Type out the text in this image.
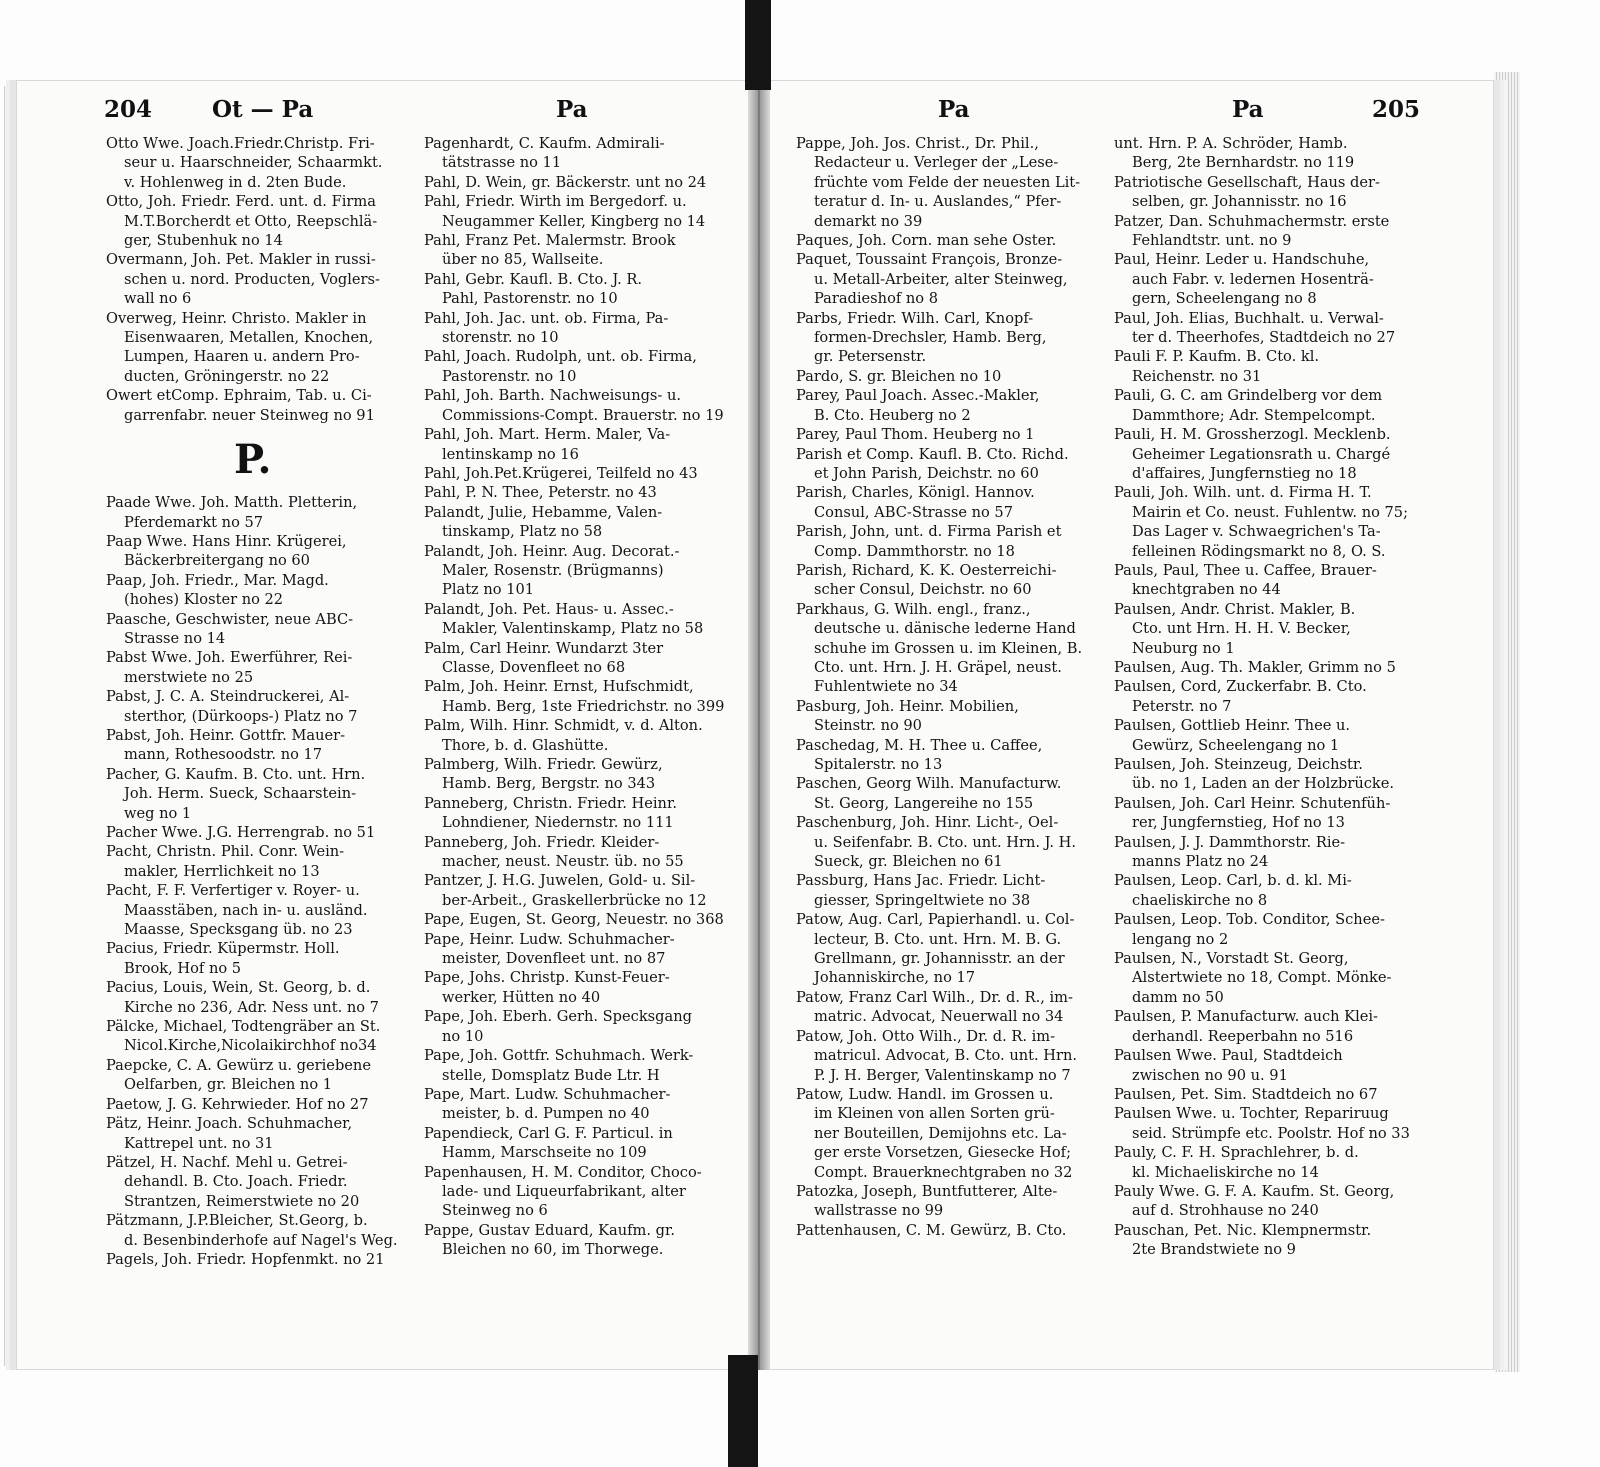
204	Ot — Pa	Pa	Pa	Pa	205
Otto Wwe. Joach.Friedr.Christp. Fri-
seur u. Haarschneider, Schaarmkt.
v. Hohlenweg in d. 2ten Bude.
Otto, Joh. Friedr. Ferd. unt. d. Firma
M.T.Borcherdt et Otto, Reepschlä-
ger, Stubenhuk no 14
Overmann, Joh. Pet. Makler in russi-
schen u. nord. Producten, Voglers-
wall no 6
Overweg, Heinr. Christo. Makler in
Eisenwaaren, Metallen, Knochen,
Lumpen, Haaren u. andern Pro-
ducten, Gröningerstr. no 22
Owert etComp. Ephraim, Tab. u. Ci-
garrenfabr. neuer Steinweg no 91
P.
Paade Wwe. Joh. Matth. Pletterin,
Pferdemarkt no 57
Paap Wwe. Hans Hinr. Krügerei,
Bäckerbreitergang no 60
Paap, Joh. Friedr., Mar. Magd.
(hohes) Kloster no 22
Paasche, Geschwister, neue ABC-
Strasse no 14
Pabst Wwe. Joh. Ewerführer, Rei-
merstwiete no 25
Pabst, J. C. A. Steindruckerei, Al-
sterthor, (Dürkoops-) Platz no 7
Pabst, Joh. Heinr. Gottfr. Mauer-
mann, Rothesoodstr. no 17
Pacher, G. Kaufm. B. Cto. unt. Hrn.
Joh. Herm. Sueck, Schaarstein-
weg no 1
Pacher Wwe. J.G. Herrengrab. no 51
Pacht, Christn. Phil. Conr. Wein-
makler, Herrlichkeit no 13
Pacht, F. F. Verfertiger v. Royer- u.
Maasstäben, nach in- u. ausländ.
Maasse, Specksgang üb. no 23
Pacius, Friedr. Küpermstr. Holl.
Brook, Hof no 5
Pacius, Louis, Wein, St. Georg, b. d.
Kirche no 236, Adr. Ness unt. no 7
Pälcke, Michael, Todtengräber an St.
Nicol.Kirche,Nicolaikirchhof no34
Paepcke, C. A. Gewürz u. geriebene
Oelfarben, gr. Bleichen no 1
Paetow, J. G. Kehrwieder. Hof no 27
Pätz, Heinr. Joach. Schuhmacher,
Kattrepel unt. no 31
Pätzel, H. Nachf. Mehl u. Getrei-
dehandl. B. Cto. Joach. Friedr.
Strantzen, Reimerstwiete no 20
Pätzmann, J.P.Bleicher, St.Georg, b.
d. Besenbinderhofe auf Nagel's Weg.
Pagels, Joh. Friedr. Hopfenmkt. no 21
Pagenhardt, C. Kaufm. Admirali-
tätstrasse no 11
Pahl, D. Wein, gr. Bäckerstr. unt no 24
Pahl, Friedr. Wirth im Bergedorf. u.
Neugammer Keller, Kingberg no 14
Pahl, Franz Pet. Malermstr. Brook
über no 85, Wallseite.
Pahl, Gebr. Kaufl. B. Cto. J. R.
Pahl, Pastorenstr. no 10
Pahl, Joh. Jac. unt. ob. Firma, Pa-
storenstr. no 10
Pahl, Joach. Rudolph, unt. ob. Firma,
Pastorenstr. no 10
Pahl, Joh. Barth. Nachweisungs- u.
Commissions-Compt. Brauerstr. no 19
Pahl, Joh. Mart. Herm. Maler, Va-
lentinskamp no 16
Pahl, Joh.Pet.Krügerei, Teilfeld no 43
Pahl, P. N. Thee, Peterstr. no 43
Palandt, Julie, Hebamme, Valen-
tinskamp, Platz no 58
Palandt, Joh. Heinr. Aug. Decorat.-
Maler, Rosenstr. (Brügmanns)
Platz no 101
Palandt, Joh. Pet. Haus- u. Assec.-
Makler, Valentinskamp, Platz no 58
Palm, Carl Heinr. Wundarzt 3ter
Classe, Dovenfleet no 68
Palm, Joh. Heinr. Ernst, Hufschmidt,
Hamb. Berg, 1ste Friedrichstr. no 399
Palm, Wilh. Hinr. Schmidt, v. d. Alton.
Thore, b. d. Glashütte.
Palmberg, Wilh. Friedr. Gewürz,
Hamb. Berg, Bergstr. no 343
Panneberg, Christn. Friedr. Heinr.
Lohndiener, Niedernstr. no 111
Panneberg, Joh. Friedr. Kleider-
macher, neust. Neustr. üb. no 55
Pantzer, J. H.G. Juwelen, Gold- u. Sil-
ber-Arbeit., Graskellerbrücke no 12
Pape, Eugen, St. Georg, Neuestr. no 368
Pape, Heinr. Ludw. Schuhmacher-
meister, Dovenfleet unt. no 87
Pape, Johs. Christp. Kunst-Feuer-
werker, Hütten no 40
Pape, Joh. Eberh. Gerh. Specksgang
no 10
Pape, Joh. Gottfr. Schuhmach. Werk-
stelle, Domsplatz Bude Ltr. H
Pape, Mart. Ludw. Schuhmacher-
meister, b. d. Pumpen no 40
Papendieck, Carl G. F. Particul. in
Hamm, Marschseite no 109
Papenhausen, H. M. Conditor, Choco-
lade- und Liqueurfabrikant, alter
Steinweg no 6
Pappe, Gustav Eduard, Kaufm. gr.
Bleichen no 60, im Thorwege.
Pappe, Joh. Jos. Christ., Dr. Phil.,
Redacteur u. Verleger der „Lese-
früchte vom Felde der neuesten Lit-
teratur d. In- u. Auslandes,“ Pfer-
demarkt no 39
Paques, Joh. Corn. man sehe Oster.
Paquet, Toussaint François, Bronze-
u. Metall-Arbeiter, alter Steinweg,
Paradieshof no 8
Parbs, Friedr. Wilh. Carl, Knopf-
formen-Drechsler, Hamb. Berg,
gr. Petersenstr.
Pardo, S. gr. Bleichen no 10
Parey, Paul Joach. Assec.-Makler,
B. Cto. Heuberg no 2
Parey, Paul Thom. Heuberg no 1
Parish et Comp. Kaufl. B. Cto. Richd.
et John Parish, Deichstr. no 60
Parish, Charles, Königl. Hannov.
Consul, ABC-Strasse no 57
Parish, John, unt. d. Firma Parish et
Comp. Dammthorstr. no 18
Parish, Richard, K. K. Oesterreichi-
scher Consul, Deichstr. no 60
Parkhaus, G. Wilh. engl., franz.,
deutsche u. dänische lederne Hand
schuhe im Grossen u. im Kleinen, B.
Cto. unt. Hrn. J. H. Gräpel, neust.
Fuhlentwiete no 34
Pasburg, Joh. Heinr. Mobilien,
Steinstr. no 90
Paschedag, M. H. Thee u. Caffee,
Spitalerstr. no 13
Paschen, Georg Wilh. Manufacturw.
St. Georg, Langereihe no 155
Paschenburg, Joh. Hinr. Licht-, Oel-
u. Seifenfabr. B. Cto. unt. Hrn. J. H.
Sueck, gr. Bleichen no 61
Passburg, Hans Jac. Friedr. Licht-
giesser, Springeltwiete no 38
Patow, Aug. Carl, Papierhandl. u. Col-
lecteur, B. Cto. unt. Hrn. M. B. G.
Grellmann, gr. Johannisstr. an der
Johanniskirche, no 17
Patow, Franz Carl Wilh., Dr. d. R., im-
matric. Advocat, Neuerwall no 34
Patow, Joh. Otto Wilh., Dr. d. R. im-
matricul. Advocat, B. Cto. unt. Hrn.
P. J. H. Berger, Valentinskamp no 7
Patow, Ludw. Handl. im Grossen u.
im Kleinen von allen Sorten grü-
ner Bouteillen, Demijohns etc. La-
ger erste Vorsetzen, Giesecke Hof;
Compt. Brauerknechtgraben no 32
Patozka, Joseph, Buntfutterer, Alte-
wallstrasse no 99
Pattenhausen, C. M. Gewürz, B. Cto.
unt. Hrn. P. A. Schröder, Hamb.
Berg, 2te Bernhardstr. no 119
Patriotische Gesellschaft, Haus der-
selben, gr. Johannisstr. no 16
Patzer, Dan. Schuhmachermstr. erste
Fehlandtstr. unt. no 9
Paul, Heinr. Leder u. Handschuhe,
auch Fabr. v. ledernen Hosenträ-
gern, Scheelengang no 8
Paul, Joh. Elias, Buchhalt. u. Verwal-
ter d. Theerhofes, Stadtdeich no 27
Pauli F. P. Kaufm. B. Cto. kl.
Reichenstr. no 31
Pauli, G. C. am Grindelberg vor dem
Dammthore; Adr. Stempelcompt.
Pauli, H. M. Grossherzogl. Mecklenb.
Geheimer Legationsrath u. Chargé
d'affaires, Jungfernstieg no 18
Pauli, Joh. Wilh. unt. d. Firma H. T.
Mairin et Co. neust. Fuhlentw. no 75;
Das Lager v. Schwaegrichen's Ta-
felleinen Rödingsmarkt no 8, O. S.
Pauls, Paul, Thee u. Caffee, Brauer-
knechtgraben no 44
Paulsen, Andr. Christ. Makler, B.
Cto. unt Hrn. H. H. V. Becker,
Neuburg no 1
Paulsen, Aug. Th. Makler, Grimm no 5
Paulsen, Cord, Zuckerfabr. B. Cto.
Peterstr. no 7
Paulsen, Gottlieb Heinr. Thee u.
Gewürz, Scheelengang no 1
Paulsen, Joh. Steinzeug, Deichstr.
üb. no 1, Laden an der Holzbrücke.
Paulsen, Joh. Carl Heinr. Schutenfüh-
rer, Jungfernstieg, Hof no 13
Paulsen, J. J. Dammthorstr. Rie-
manns Platz no 24
Paulsen, Leop. Carl, b. d. kl. Mi-
chaeliskirche no 8
Paulsen, Leop. Tob. Conditor, Schee-
lengang no 2
Paulsen, N., Vorstadt St. Georg,
Alstertwiete no 18, Compt. Mönke-
damm no 50
Paulsen, P. Manufacturw. auch Klei-
derhandl. Reeperbahn no 516
Paulsen Wwe. Paul, Stadtdeich
zwischen no 90 u. 91
Paulsen, Pet. Sim. Stadtdeich no 67
Paulsen Wwe. u. Tochter, Repariruug
seid. Strümpfe etc. Poolstr. Hof no 33
Pauly, C. F. H. Sprachlehrer, b. d.
kl. Michaeliskirche no 14
Pauly Wwe. G. F. A. Kaufm. St. Georg,
auf d. Strohhause no 240
Pauschan, Pet. Nic. Klempnermstr.
2te Brandstwiete no 9
